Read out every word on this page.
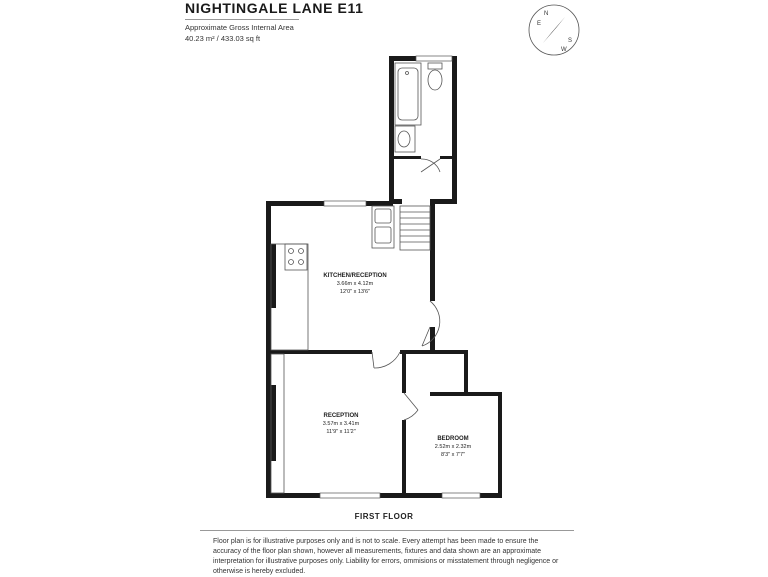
NIGHTINGALE LANE E11
Approximate Gross Internal Area
40.23 m² / 433.03 sq ft
N
E
S
W
KITCHEN/RECEPTION
3.66m x 4.12m
12'0" x 13'6"
RECEPTION
3.57m x 3.41m
11'9" x 11'2"
BEDROOM
2.52m x 2.32m
8'3" x 7'7"
FIRST FLOOR
Floor plan is for illustrative purposes only and is not to scale. Every attempt has been made to ensure the accuracy of the floor plan shown, however all measurements, fixtures and data shown are an approximate interpretation for illustrative purposes only. Liability for errors, ommisions or misstatement through negligence or otherwise is hereby excluded.
